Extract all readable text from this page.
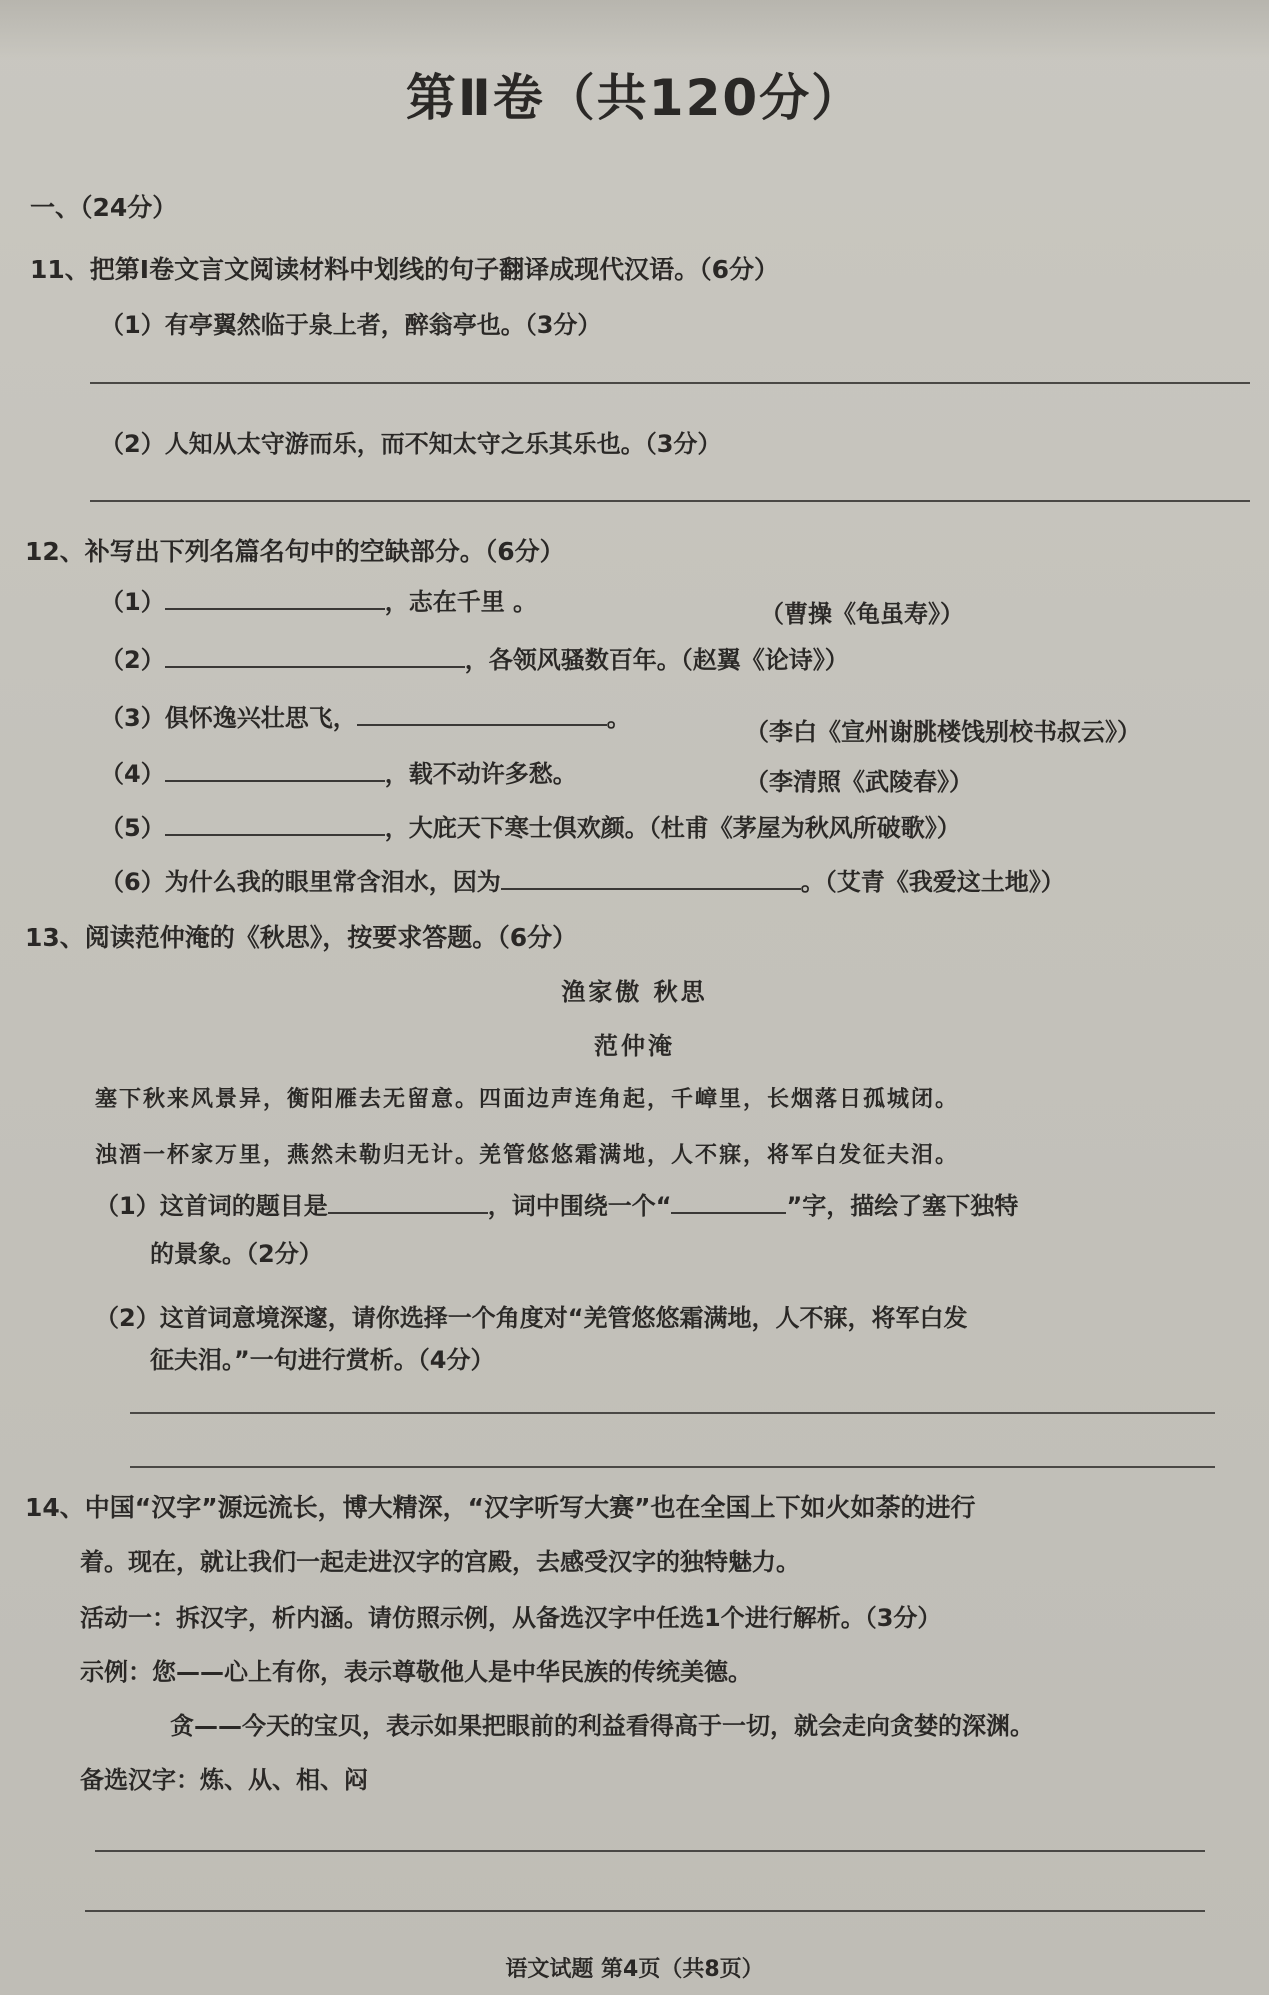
第Ⅱ卷（共120分）
一、（24分）
11、把第Ⅰ卷文言文阅读材料中划线的句子翻译成现代汉语。（6分）
（1）有亭翼然临于泉上者，醉翁亭也。（3分）
（2）人知从太守游而乐，而不知太守之乐其乐也。（3分）
12、补写出下列名篇名句中的空缺部分。（6分）
（1）	，志在千里 。	（曹操《龟虽寿》）
（2）	，各领风骚数百年。（赵翼《论诗》）
（3）俱怀逸兴壮思飞，	。	（李白《宣州谢朓楼饯别校书叔云》）
（4）	，载不动许多愁。	（李清照《武陵春》）
（5）	，大庇天下寒士俱欢颜。（杜甫《茅屋为秋风所破歌》）
（6）为什么我的眼里常含泪水，因为	。（艾青《我爱这土地》）
13、阅读范仲淹的《秋思》，按要求答题。（6分）
渔家傲 秋思
范仲淹
塞下秋来风景异，衡阳雁去无留意。四面边声连角起，千嶂里，长烟落日孤城闭。
浊酒一杯家万里，燕然未勒归无计。羌管悠悠霜满地，人不寐，将军白发征夫泪。
（1）这首词的题目是	，词中围绕一个“	”字，描绘了塞下独特
的景象。（2分）
（2）这首词意境深邃，请你选择一个角度对“羌管悠悠霜满地，人不寐，将军白发
征夫泪。”一句进行赏析。（4分）
14、中国“汉字”源远流长，博大精深，“汉字听写大赛”也在全国上下如火如荼的进行
着。现在，就让我们一起走进汉字的宫殿，去感受汉字的独特魅力。
活动一：拆汉字，析内涵。请仿照示例，从备选汉字中任选1个进行解析。（3分）
示例：您——心上有你，表示尊敬他人是中华民族的传统美德。
贪——今天的宝贝，表示如果把眼前的利益看得高于一切，就会走向贪婪的深渊。
备选汉字：炼、从、相、闷
语文试题 第4页（共8页）
